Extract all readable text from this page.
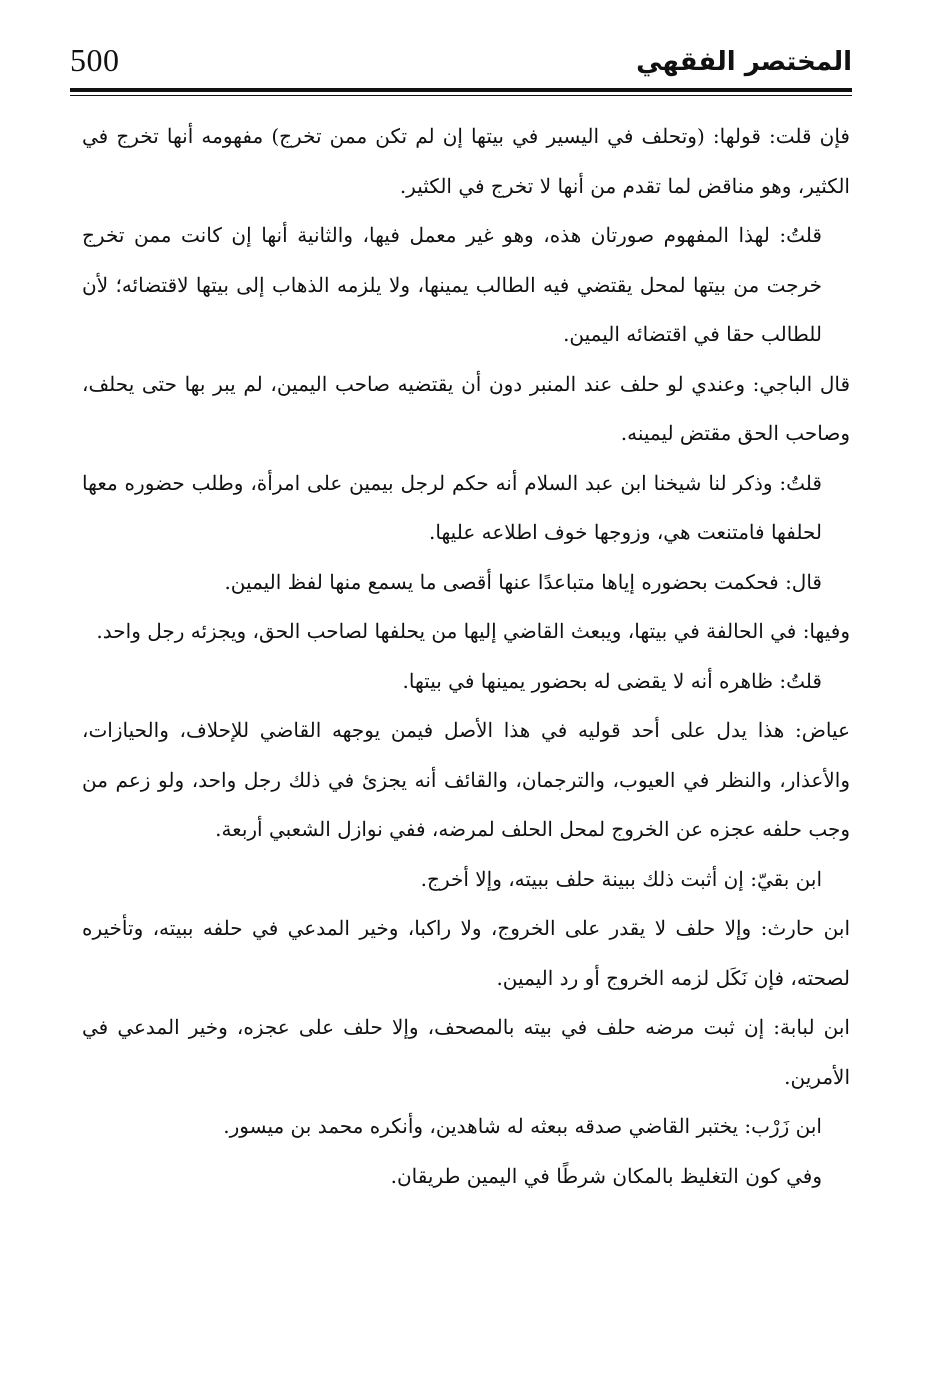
500	المختصر الفقهي

فإن قلت: قولها: (وتحلف في اليسير في بيتها إن لم تكن ممن تخرج) مفهومه أنها تخرج في الكثير، وهو مناقض لما تقدم من أنها لا تخرج في الكثير.

قلتُ: لهذا المفهوم صورتان هذه، وهو غير معمل فيها، والثانية أنها إن كانت ممن تخرج خرجت من بيتها لمحل يقتضي فيه الطالب يمينها، ولا يلزمه الذهاب إلى بيتها لاقتضائه؛ لأن للطالب حقا في اقتضائه اليمين.

قال الباجي: وعندي لو حلف عند المنبر دون أن يقتضيه صاحب اليمين، لم يبر بها حتى يحلف، وصاحب الحق مقتض ليمينه.

قلتُ: وذكر لنا شيخنا ابن عبد السلام أنه حكم لرجل بيمين على امرأة، وطلب حضوره معها لحلفها فامتنعت هي، وزوجها خوف اطلاعه عليها.

قال: فحكمت بحضوره إياها متباعدًا عنها أقصى ما يسمع منها لفظ اليمين.

وفيها: في الحالفة في بيتها، ويبعث القاضي إليها من يحلفها لصاحب الحق، ويجزئه رجل واحد.

قلتُ: ظاهره أنه لا يقضى له بحضور يمينها في بيتها.

عياض: هذا يدل على أحد قوليه في هذا الأصل فيمن يوجهه القاضي للإحلاف، والحيازات، والأعذار، والنظر في العيوب، والترجمان، والقائف أنه يجزئ في ذلك رجل واحد، ولو زعم من وجب حلفه عجزه عن الخروج لمحل الحلف لمرضه، ففي نوازل الشعبي أربعة.

ابن بقيّ: إن أثبت ذلك ببينة حلف ببيته، وإلا أخرج.

ابن حارث: وإلا حلف لا يقدر على الخروج، ولا راكبا، وخير المدعي في حلفه ببيته، وتأخيره لصحته، فإن نَكَل لزمه الخروج أو رد اليمين.

ابن لبابة: إن ثبت مرضه حلف في بيته بالمصحف، وإلا حلف على عجزه، وخير المدعي في الأمرين.

ابن زَرْب: يختبر القاضي صدقه ببعثه له شاهدين، وأنكره محمد بن ميسور.

وفي كون التغليظ بالمكان شرطًا في اليمين طريقان.
